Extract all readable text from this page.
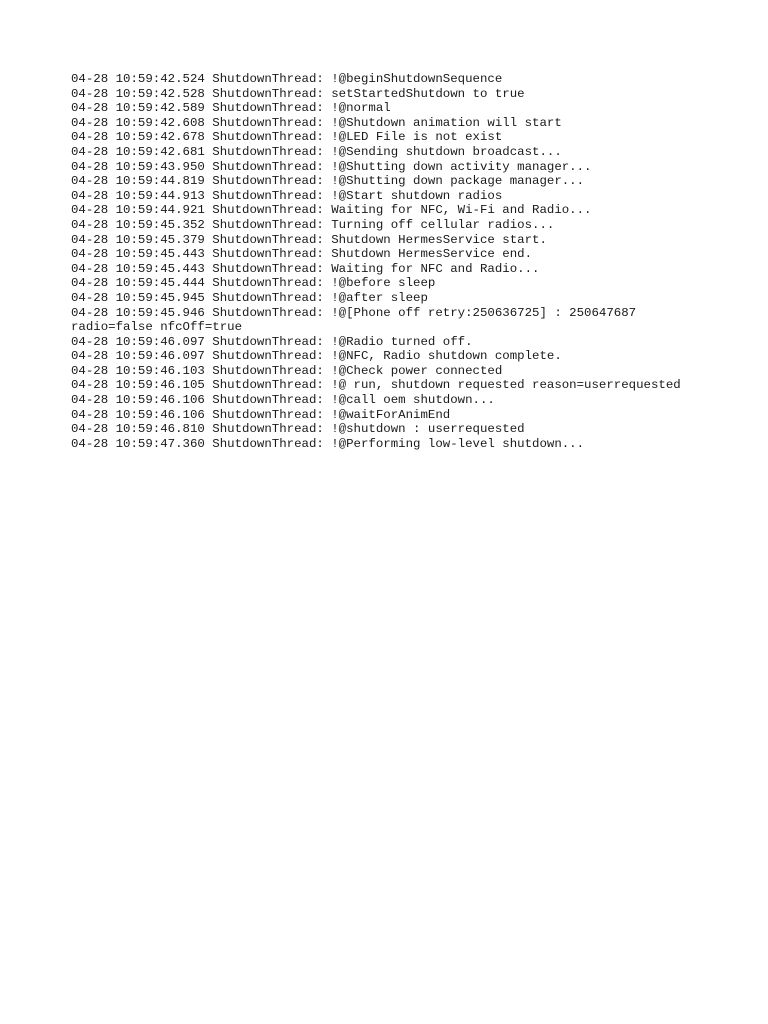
04-28 10:59:42.524 ShutdownThread: !@beginShutdownSequence
04-28 10:59:42.528 ShutdownThread: setStartedShutdown to true
04-28 10:59:42.589 ShutdownThread: !@normal
04-28 10:59:42.608 ShutdownThread: !@Shutdown animation will start
04-28 10:59:42.678 ShutdownThread: !@LED File is not exist
04-28 10:59:42.681 ShutdownThread: !@Sending shutdown broadcast...
04-28 10:59:43.950 ShutdownThread: !@Shutting down activity manager...
04-28 10:59:44.819 ShutdownThread: !@Shutting down package manager...
04-28 10:59:44.913 ShutdownThread: !@Start shutdown radios
04-28 10:59:44.921 ShutdownThread: Waiting for NFC, Wi-Fi and Radio...
04-28 10:59:45.352 ShutdownThread: Turning off cellular radios...
04-28 10:59:45.379 ShutdownThread: Shutdown HermesService start.
04-28 10:59:45.443 ShutdownThread: Shutdown HermesService end.
04-28 10:59:45.443 ShutdownThread: Waiting for NFC and Radio...
04-28 10:59:45.444 ShutdownThread: !@before sleep
04-28 10:59:45.945 ShutdownThread: !@after sleep
04-28 10:59:45.946 ShutdownThread: !@[Phone off retry:250636725] : 250647687
radio=false nfcOff=true
04-28 10:59:46.097 ShutdownThread: !@Radio turned off.
04-28 10:59:46.097 ShutdownThread: !@NFC, Radio shutdown complete.
04-28 10:59:46.103 ShutdownThread: !@Check power connected
04-28 10:59:46.105 ShutdownThread: !@ run, shutdown requested reason=userrequested
04-28 10:59:46.106 ShutdownThread: !@call oem shutdown...
04-28 10:59:46.106 ShutdownThread: !@waitForAnimEnd
04-28 10:59:46.810 ShutdownThread: !@shutdown : userrequested
04-28 10:59:47.360 ShutdownThread: !@Performing low-level shutdown...
